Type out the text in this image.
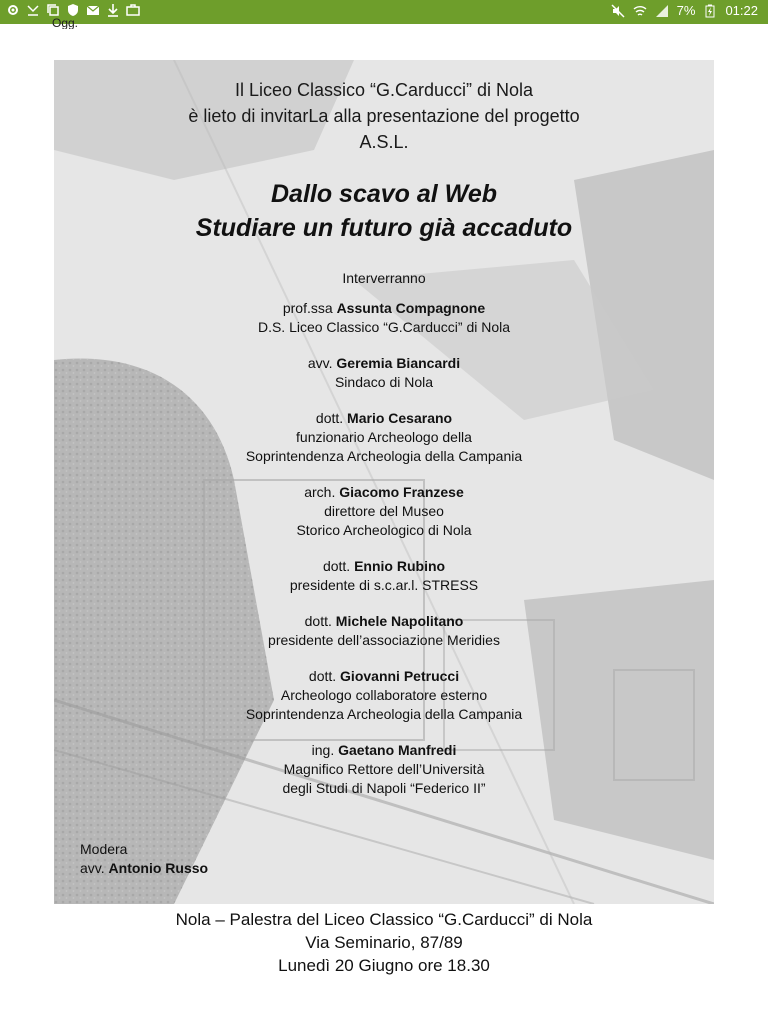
7% 01:22
Ogg.
Il Liceo Classico “G.Carducci” di Nola
è lieto di invitarLa alla presentazione del progetto
A.S.L.
Dallo scavo al Web
Studiare un futuro già accaduto
Interverranno
prof.ssa Assunta Compagnone
D.S. Liceo Classico “G.Carducci” di Nola
avv. Geremia Biancardi
Sindaco di Nola
dott. Mario Cesarano
funzionario Archeologo della
Soprintendenza Archeologia della Campania
arch. Giacomo Franzese
direttore del Museo
Storico Archeologico di Nola
dott. Ennio Rubino
presidente di s.c.ar.l. STRESS
dott. Michele Napolitano
presidente dell’associazione Meridies
dott. Giovanni Petrucci
Archeologo collaboratore esterno
Soprintendenza Archeologia della Campania
ing. Gaetano Manfredi
Magnifico Rettore dell’Università
degli Studi di Napoli “Federico II”
Modera
avv. Antonio Russo
Nola – Palestra del Liceo Classico “G.Carducci” di Nola
Via Seminario, 87/89
Lunedì 20 Giugno ore 18.30
